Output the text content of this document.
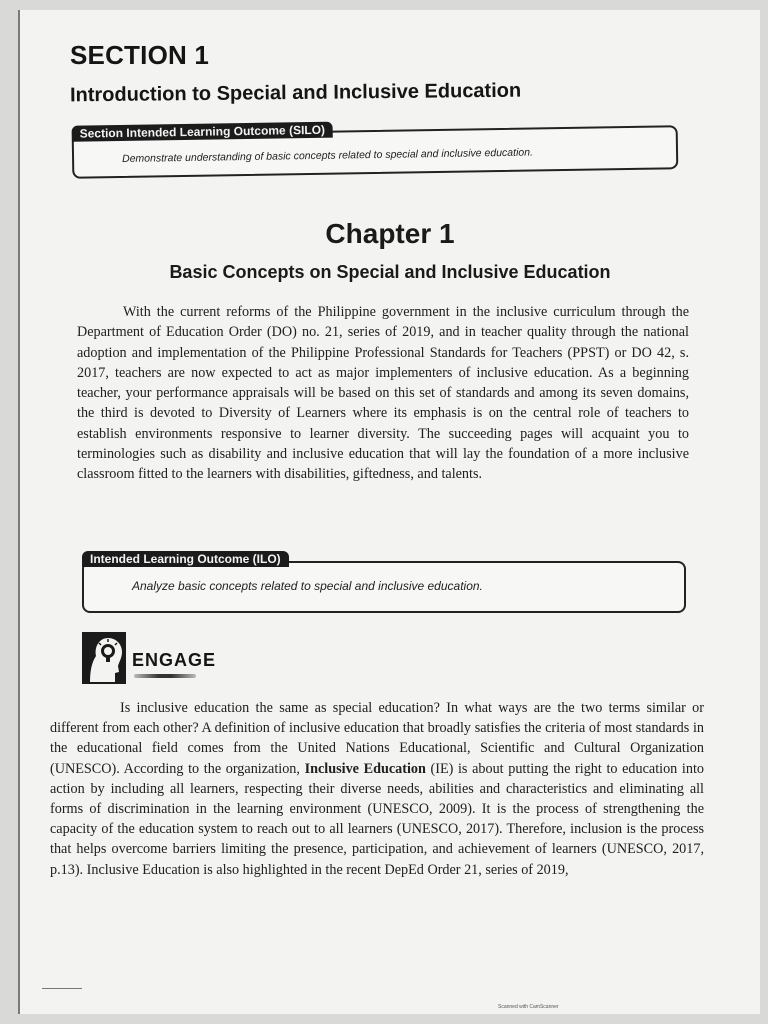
SECTION 1
Introduction to Special and Inclusive Education
Section Intended Learning Outcome (SILO)
Demonstrate understanding of basic concepts related to special and inclusive education.
Chapter 1
Basic Concepts on Special and Inclusive Education

With the current reforms of the Philippine government in the inclusive curriculum through the Department of Education Order (DO) no. 21, series of 2019, and in teacher quality through the national adoption and implementation of the Philippine Professional Standards for Teachers (PPST) or DO 42, s. 2017, teachers are now expected to act as major implementers of inclusive education. As a beginning teacher, your performance appraisals will be based on this set of standards and among its seven domains, the third is devoted to Diversity of Learners where its emphasis is on the central role of teachers to establish environments responsive to learner diversity. The succeeding pages will acquaint you to terminologies such as disability and inclusive education that will lay the foundation of a more inclusive classroom fitted to the learners with disabilities, giftedness, and talents.

Intended Learning Outcome (ILO)
Analyze basic concepts related to special and inclusive education.
ENGAGE

Is inclusive education the same as special education? In what ways are the two terms similar or different from each other? A definition of inclusive education that broadly satisfies the criteria of most standards in the educational field comes from the United Nations Educational, Scientific and Cultural Organization (UNESCO). According to the organization, Inclusive Education (IE) is about putting the right to education into action by including all learners, respecting their diverse needs, abilities and characteristics and eliminating all forms of discrimination in the learning environment (UNESCO, 2009). It is the process of strengthening the capacity of the education system to reach out to all learners (UNESCO, 2017). Therefore, inclusion is the process that helps overcome barriers limiting the presence, participation, and achievement of learners (UNESCO, 2017, p.13). Inclusive Education is also highlighted in the recent DepEd Order 21, series of 2019,

Scanned with CamScanner
